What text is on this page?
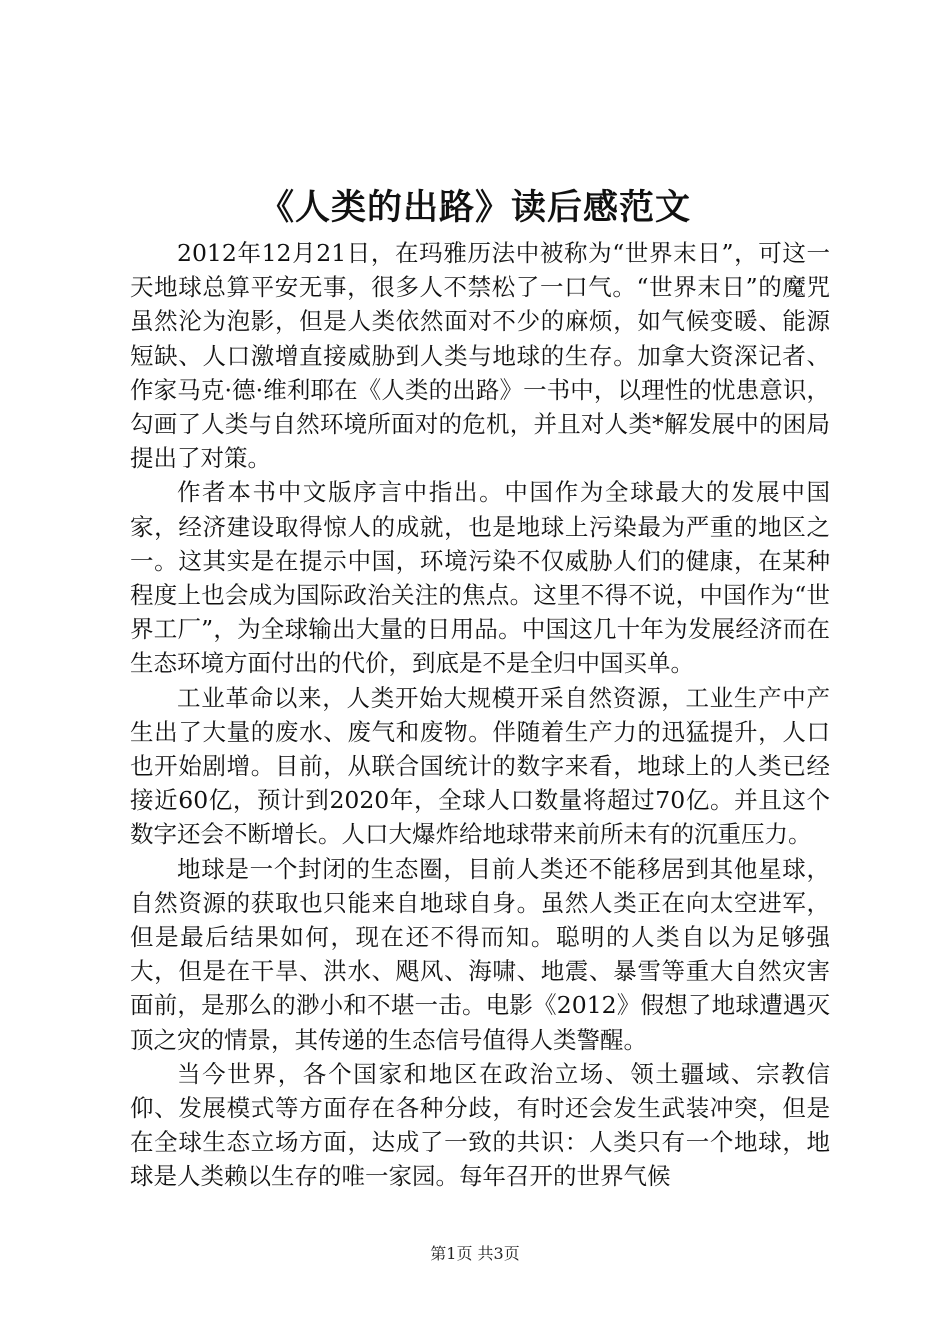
《人类的出路》读后感范文

2012年12月21日，在玛雅历法中被称为“世界末日”，可这一天地球总算平安无事，很多人不禁松了一口气。“世界末日”的魔咒虽然沦为泡影，但是人类依然面对不少的麻烦，如气候变暖、能源短缺、人口激增直接威胁到人类与地球的生存。加拿大资深记者、作家马克·德·维利耶在《人类的出路》一书中，以理性的忧患意识，勾画了人类与自然环境所面对的危机，并且对人类*解发展中的困局提出了对策。

作者本书中文版序言中指出。中国作为全球最大的发展中国家，经济建设取得惊人的成就，也是地球上污染最为严重的地区之一。这其实是在提示中国，环境污染不仅威胁人们的健康，在某种程度上也会成为国际政治关注的焦点。这里不得不说，中国作为“世界工厂”，为全球输出大量的日用品。中国这几十年为发展经济而在生态环境方面付出的代价，到底是不是全归中国买单。

工业革命以来，人类开始大规模开采自然资源，工业生产中产生出了大量的废水、废气和废物。伴随着生产力的迅猛提升，人口也开始剧增。目前，从联合国统计的数字来看，地球上的人类已经接近60亿，预计到2020年，全球人口数量将超过70亿。并且这个数字还会不断增长。人口大爆炸给地球带来前所未有的沉重压力。

地球是一个封闭的生态圈，目前人类还不能移居到其他星球，自然资源的获取也只能来自地球自身。虽然人类正在向太空进军，但是最后结果如何，现在还不得而知。聪明的人类自以为足够强大，但是在干旱、洪水、飓风、海啸、地震、暴雪等重大自然灾害面前，是那么的渺小和不堪一击。电影《2012》假想了地球遭遇灭顶之灾的情景，其传递的生态信号值得人类警醒。

当今世界，各个国家和地区在政治立场、领土疆域、宗教信仰、发展模式等方面存在各种分歧，有时还会发生武装冲突，但是在全球生态立场方面，达成了一致的共识：人类只有一个地球，地球是人类赖以生存的唯一家园。每年召开的世界气候

第1页 共3页
